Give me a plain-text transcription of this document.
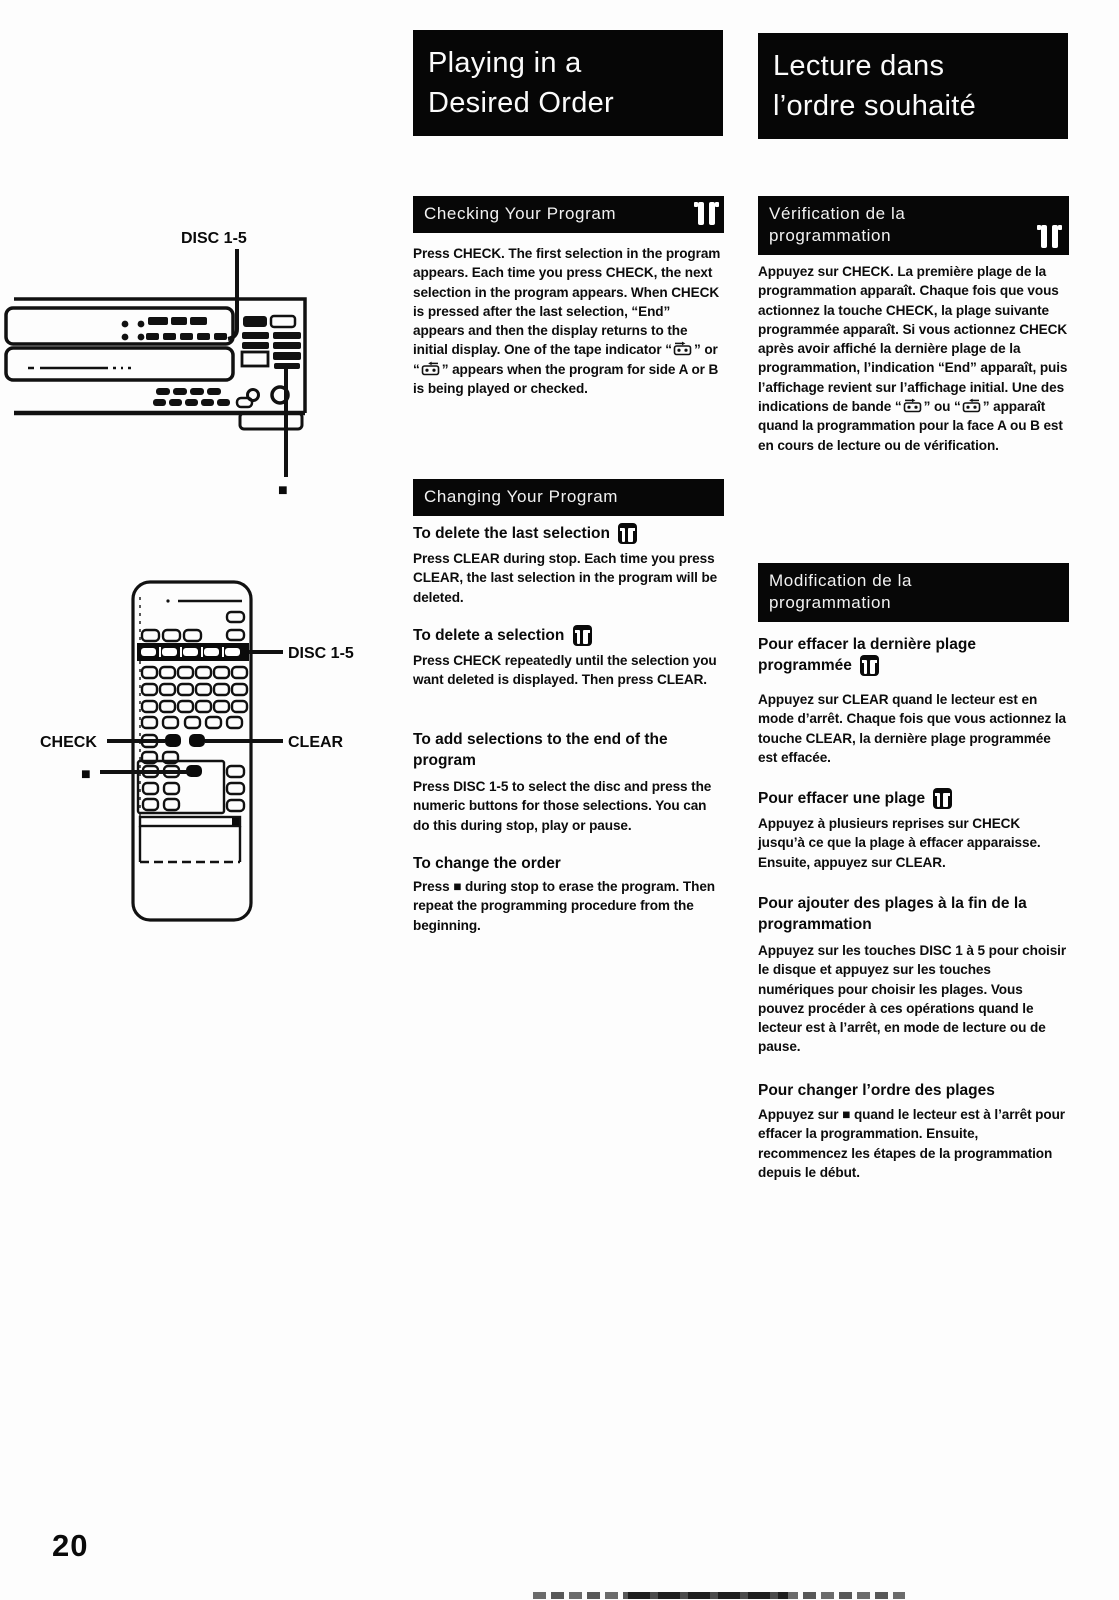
DISC 1-5
■
DISC 1-5
CHECK	CLEAR
■
Playing in a
Desired Order
Checking Your Program

Press CHECK. The first selection in the program appears. Each time you press CHECK, the next selection in the program appears. When CHECK is pressed after the last selection, “End” appears and then the display returns to the initial display. One of the tape indicator “ ” or “ ” appears when the program for side A or B is being played or checked.

Changing Your Program
To delete the last selection

Press CLEAR during stop. Each time you press CLEAR, the last selection in the program will be deleted.

To delete a selection

Press CHECK repeatedly until the selection you want deleted is displayed. Then press CLEAR.

To add selections to the end of the program

Press DISC 1-5 to select the disc and press the numeric buttons for those selections. You can do this during stop, play or pause.

To change the order

Press ■ during stop to erase the program. Then repeat the programming procedure from the beginning.

Lecture dans
l’ordre souhaité
Vérification de la
programmation

Appuyez sur CHECK. La première plage de la programmation apparaît. Chaque fois que vous actionnez la touche CHECK, la plage suivante programmée apparaît. Si vous actionnez CHECK après avoir affiché la dernière plage de la programmation, l’indication “End” apparaît, puis l’affichage revient sur l’affichage initial. Une des indications de bande “ ” ou “ ” apparaît quand la programmation pour la face A ou B est en cours de lecture ou de vérification.

Modification de la
programmation
Pour effacer la dernière plage programmée

Appuyez sur CLEAR quand le lecteur est en mode d’arrêt. Chaque fois que vous actionnez la touche CLEAR, la dernière plage programmée est effacée.

Pour effacer une plage

Appuyez à plusieurs reprises sur CHECK jusqu’à ce que la plage à effacer apparaisse. Ensuite, appuyez sur CLEAR.

Pour ajouter des plages à la fin de la programmation

Appuyez sur les touches DISC 1 à 5 pour choisir le disque et appuyez sur les touches numériques pour choisir les plages. Vous pouvez procéder à ces opérations quand le lecteur est à l’arrêt, en mode de lecture ou de pause.

Pour changer l’ordre des plages

Appuyez sur ■ quand le lecteur est à l’arrêt pour effacer la programmation. Ensuite, recommencez les étapes de la programmation depuis le début.

20
